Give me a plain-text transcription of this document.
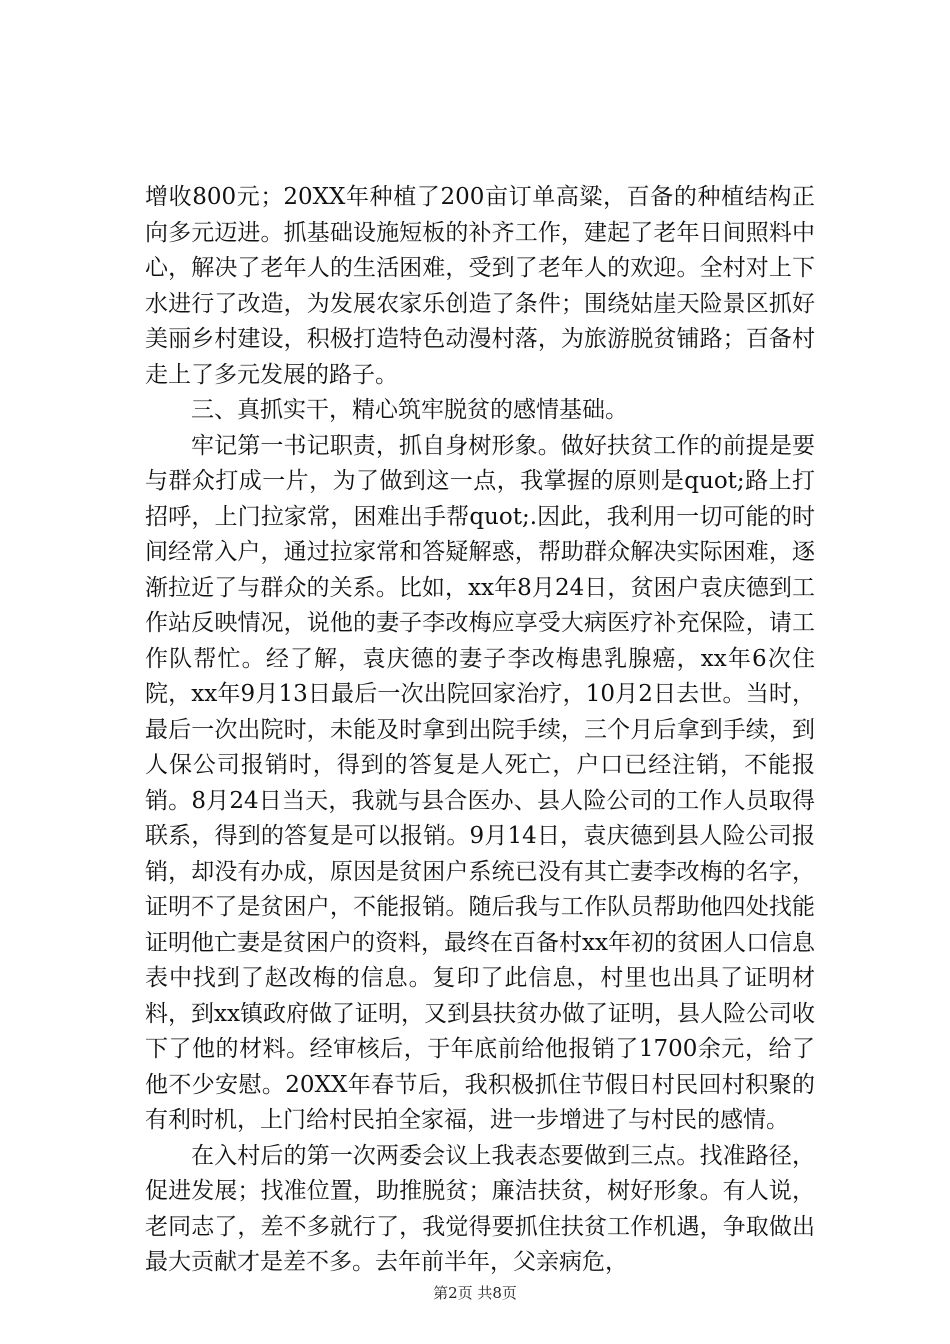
增收800元；20XX年种植了200亩订单高粱，百备的种植结构正向多元迈进。抓基础设施短板的补齐工作，建起了老年日间照料中心，解决了老年人的生活困难，受到了老年人的欢迎。全村对上下水进行了改造，为发展农家乐创造了条件；围绕姑崖天险景区抓好美丽乡村建设，积极打造特色动漫村落，为旅游脱贫铺路；百备村走上了多元发展的路子。

三、真抓实干，精心筑牢脱贫的感情基础。

牢记第一书记职责，抓自身树形象。做好扶贫工作的前提是要与群众打成一片，为了做到这一点，我掌握的原则是quot;路上打招呼，上门拉家常，困难出手帮quot;.因此，我利用一切可能的时间经常入户，通过拉家常和答疑解惑，帮助群众解决实际困难，逐渐拉近了与群众的关系。比如，xx年8月24日，贫困户袁庆德到工作站反映情况，说他的妻子李改梅应享受大病医疗补充保险，请工作队帮忙。经了解，袁庆德的妻子李改梅患乳腺癌，xx年6次住院，xx年9月13日最后一次出院回家治疗，10月2日去世。当时，最后一次出院时，未能及时拿到出院手续，三个月后拿到手续，到人保公司报销时，得到的答复是人死亡，户口已经注销，不能报销。8月24日当天，我就与县合医办、县人险公司的工作人员取得联系，得到的答复是可以报销。9月14日，袁庆德到县人险公司报销，却没有办成，原因是贫困户系统已没有其亡妻李改梅的名字，证明不了是贫困户，不能报销。随后我与工作队员帮助他四处找能证明他亡妻是贫困户的资料，最终在百备村xx年初的贫困人口信息表中找到了赵改梅的信息。复印了此信息，村里也出具了证明材料，到xx镇政府做了证明，又到县扶贫办做了证明，县人险公司收下了他的材料。经审核后，于年底前给他报销了1700余元，给了他不少安慰。20XX年春节后，我积极抓住节假日村民回村积聚的有利时机，上门给村民拍全家福，进一步增进了与村民的感情。

在入村后的第一次两委会议上我表态要做到三点。找准路径，促进发展；找准位置，助推脱贫；廉洁扶贫，树好形象。有人说，老同志了，差不多就行了，我觉得要抓住扶贫工作机遇，争取做出最大贡献才是差不多。去年前半年，父亲病危，

第2页 共8页
